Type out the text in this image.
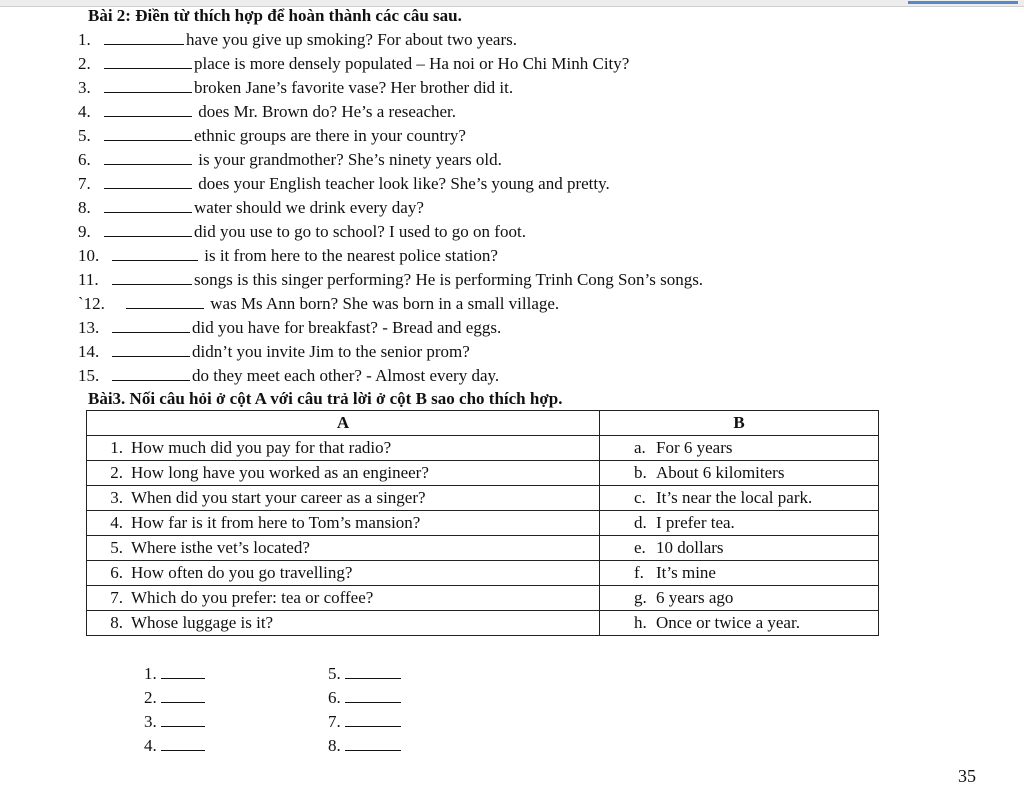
Bài 2: Điền từ thích hợp để hoàn thành các câu sau.
1.	have you give up smoking? For about two years.
2.	place is more densely populated – Ha noi or Ho Chi Minh City?
3.	broken Jane’s favorite vase? Her brother did it.
4.	does Mr. Brown do? He’s a reseacher.
5.	ethnic groups are there in your country?
6.	is your grandmother? She’s ninety years old.
7.	does your English teacher look like? She’s young and pretty.
8.	water should we drink every day?
9.	did you use to go to school? I used to go on foot.
10.	is it from here to the nearest police station?
11.	songs is this singer performing? He is performing Trinh Cong Son’s songs.
`12.	was Ms Ann born? She was born in a small village.
13.	did you have for breakfast? - Bread and eggs.
14.	didn’t you invite Jim to the senior prom?
15.	do they meet each other? - Almost every day.
Bài3. Nối câu hỏi ở cột A với câu trả lời ở cột B sao cho thích hợp.
A	B
1. How much did you pay for that radio?	a. For 6 years
2. How long have you worked as an engineer?	b. About 6 kilomiters
3. When did you start your career as a singer?	c. It’s near the local park.
4. How far is it from here to Tom’s mansion?	d. I prefer tea.
5. Where isthe vet’s located?	e. 10 dollars
6. How often do you go travelling?	f. It’s mine
7. Which do you prefer: tea or coffee?	g. 6 years ago
8. Whose luggage is it?	h. Once or twice a year.
1.
2.
3.
4.
5.
6.
7.
8.
35
